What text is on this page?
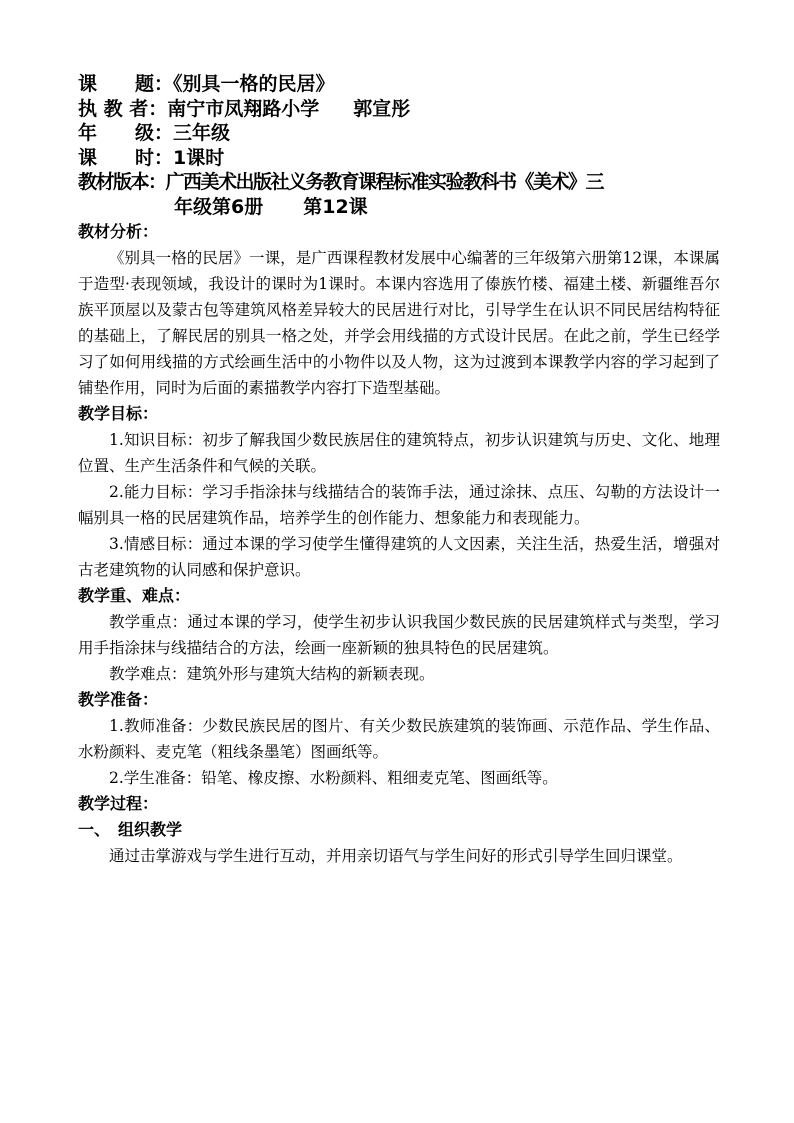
课　　题：《别具一格的民居》
执 教 者：南宁市凤翔路小学 郭宣彤
年　　级：三年级
课　　时：1课时
教材版本：广西美术出版社义务教育课程标准实验教科书《美术》三
年级第6册 第12课
教材分析：
《别具一格的民居》一课，是广西课程教材发展中心编著的三年级第六册第12课，本课属于造型·表现领域，我设计的课时为1课时。本课内容选用了傣族竹楼、福建土楼、新疆维吾尔族平顶屋以及蒙古包等建筑风格差异较大的民居进行对比，引导学生在认识不同民居结构特征的基础上，了解民居的别具一格之处，并学会用线描的方式设计民居。在此之前，学生已经学习了如何用线描的方式绘画生活中的小物件以及人物，这为过渡到本课教学内容的学习起到了铺垫作用，同时为后面的素描教学内容打下造型基础。
教学目标：
1.知识目标：初步了解我国少数民族居住的建筑特点，初步认识建筑与历史、文化、地理位置、生产生活条件和气候的关联。
2.能力目标：学习手指涂抹与线描结合的装饰手法，通过涂抹、点压、勾勒的方法设计一幅别具一格的民居建筑作品，培养学生的创作能力、想象能力和表现能力。
3.情感目标：通过本课的学习使学生懂得建筑的人文因素，关注生活，热爱生活，增强对古老建筑物的认同感和保护意识。
教学重、难点：
教学重点：通过本课的学习，使学生初步认识我国少数民族的民居建筑样式与类型，学习用手指涂抹与线描结合的方法，绘画一座新颖的独具特色的民居建筑。
教学难点：建筑外形与建筑大结构的新颖表现。
教学准备：
1.教师准备：少数民族民居的图片、有关少数民族建筑的装饰画、示范作品、学生作品、水粉颜料、麦克笔（粗线条墨笔）图画纸等。
2.学生准备：铅笔、橡皮擦、水粉颜料、粗细麦克笔、图画纸等。
教学过程：
一、　组织教学
通过击掌游戏与学生进行互动，并用亲切语气与学生问好的形式引导学生回归课堂。
